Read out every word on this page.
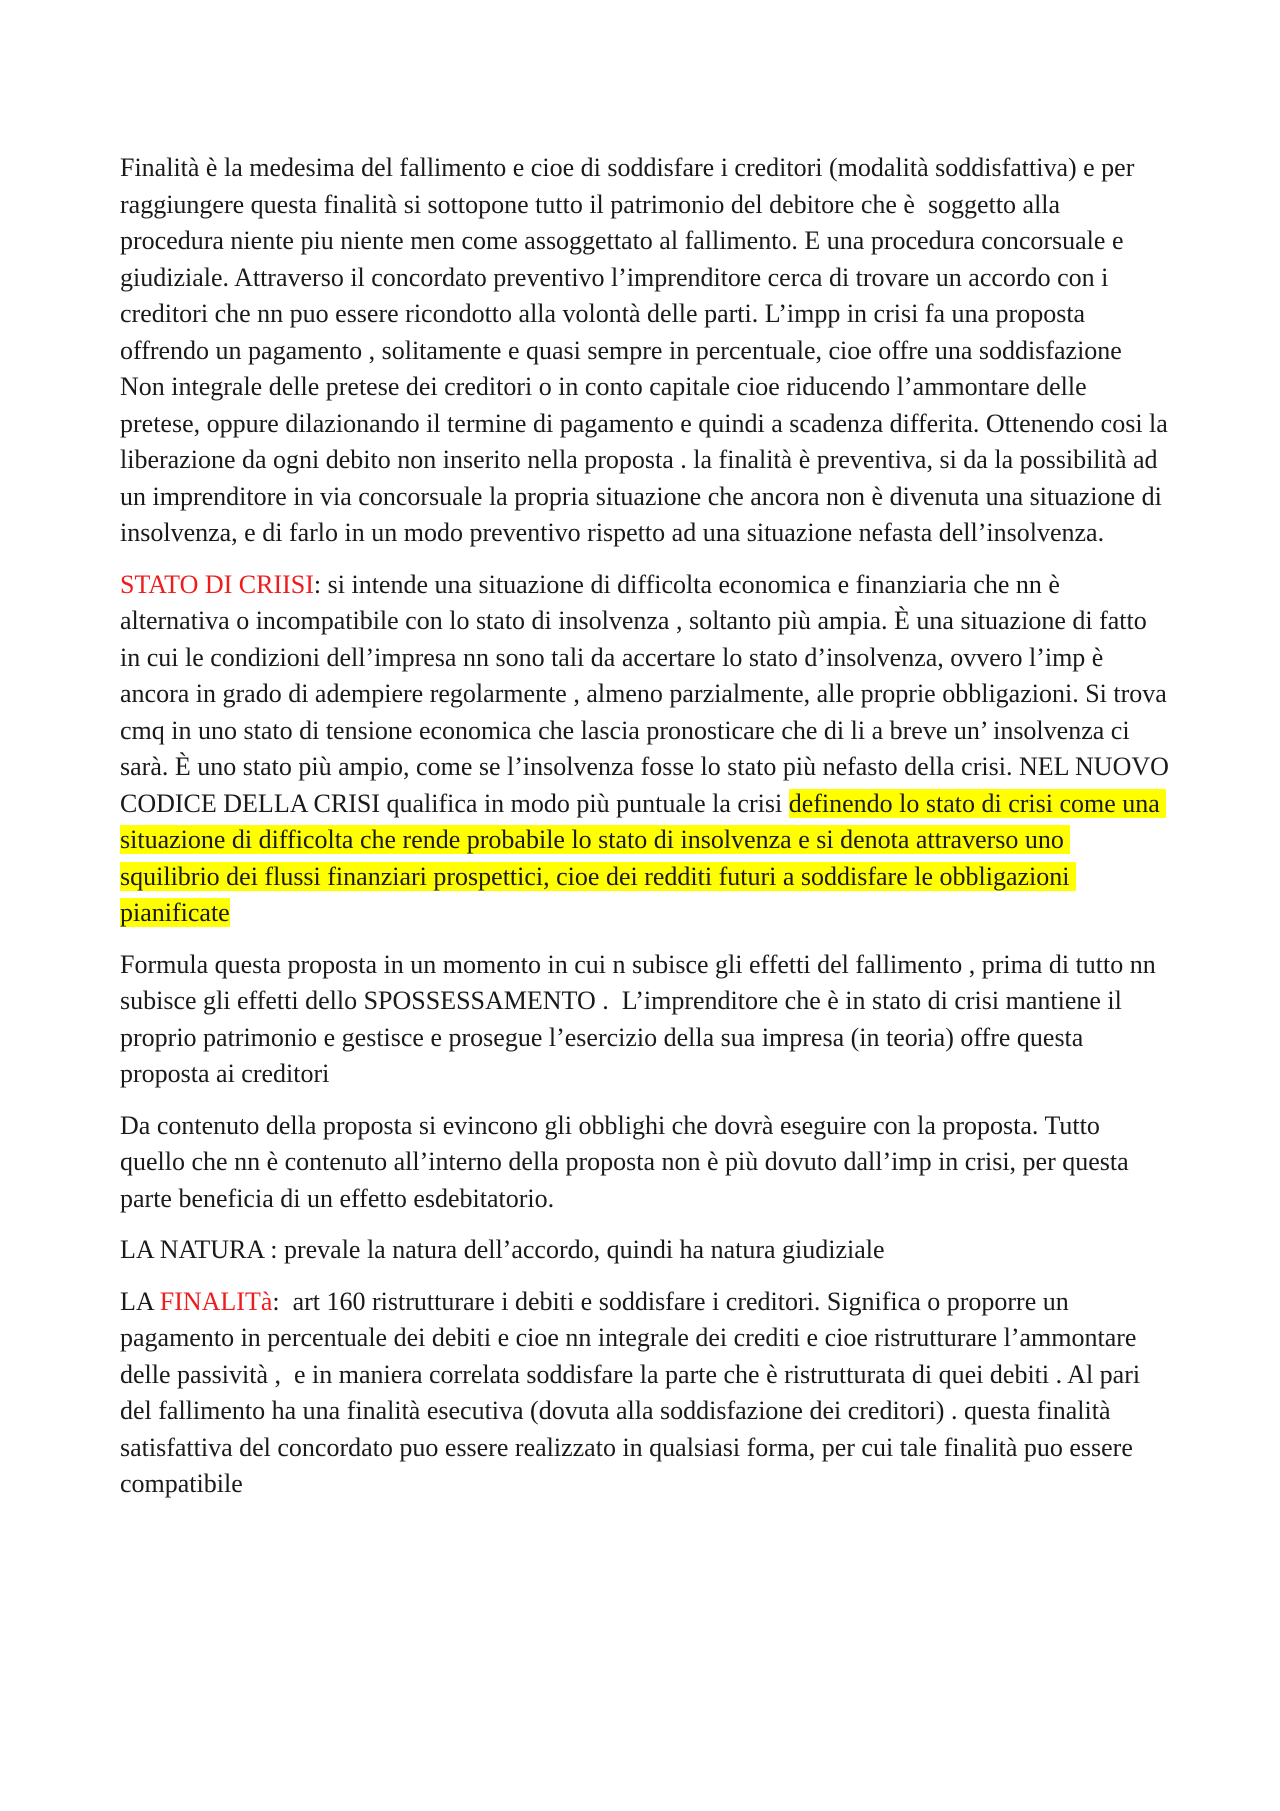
Finalità è la medesima del fallimento e cioe di soddisfare i creditori (modalità soddisfattiva) e per raggiungere questa finalità si sottopone tutto il patrimonio del debitore che è  soggetto alla procedura niente piu niente men come assoggettato al fallimento. E una procedura concorsuale e giudiziale. Attraverso il concordato preventivo l’imprenditore cerca di trovare un accordo con i creditori che nn puo essere ricondotto alla volontà delle parti. L’impp in crisi fa una proposta offrendo un pagamento , solitamente e quasi sempre in percentuale, cioe offre una soddisfazione Non integrale delle pretese dei creditori o in conto capitale cioe riducendo l’ammontare delle pretese, oppure dilazionando il termine di pagamento e quindi a scadenza differita. Ottenendo cosi la liberazione da ogni debito non inserito nella proposta . la finalità è preventiva, si da la possibilità ad un imprenditore in via concorsuale la propria situazione che ancora non è divenuta una situazione di insolvenza, e di farlo in un modo preventivo rispetto ad una situazione nefasta dell’insolvenza.

STATO DI CRIISI: si intende una situazione di difficolta economica e finanziaria che nn è alternativa o incompatibile con lo stato di insolvenza , soltanto più ampia. È una situazione di fatto in cui le condizioni dell’impresa nn sono tali da accertare lo stato d’insolvenza, ovvero l’imp è ancora in grado di adempiere regolarmente , almeno parzialmente, alle proprie obbligazioni. Si trova cmq in uno stato di tensione economica che lascia pronosticare che di li a breve un’ insolvenza ci sarà. È uno stato più ampio, come se l’insolvenza fosse lo stato più nefasto della crisi. NEL NUOVO CODICE DELLA CRISI qualifica in modo più puntuale la crisi definendo lo stato di crisi come una situazione di difficolta che rende probabile lo stato di insolvenza e si denota attraverso uno squilibrio dei flussi finanziari prospettici, cioe dei redditi futuri a soddisfare le obbligazioni pianificate

Formula questa proposta in un momento in cui n subisce gli effetti del fallimento , prima di tutto nn subisce gli effetti dello SPOSSESSAMENTO .  L’imprenditore che è in stato di crisi mantiene il proprio patrimonio e gestisce e prosegue l’esercizio della sua impresa (in teoria) offre questa proposta ai creditori

Da contenuto della proposta si evincono gli obblighi che dovrà eseguire con la proposta. Tutto quello che nn è contenuto all’interno della proposta non è più dovuto dall’imp in crisi, per questa parte beneficia di un effetto esdebitatorio.

LA NATURA : prevale la natura dell’accordo, quindi ha natura giudiziale

LA FINALITà:  art 160 ristrutturare i debiti e soddisfare i creditori. Significa o proporre un pagamento in percentuale dei debiti e cioe nn integrale dei crediti e cioe ristrutturare l’ammontare delle passività ,  e in maniera correlata soddisfare la parte che è ristrutturata di quei debiti . Al pari del fallimento ha una finalità esecutiva (dovuta alla soddisfazione dei creditori) . questa finalità satisfattiva del concordato puo essere realizzato in qualsiasi forma, per cui tale finalità puo essere compatibile
